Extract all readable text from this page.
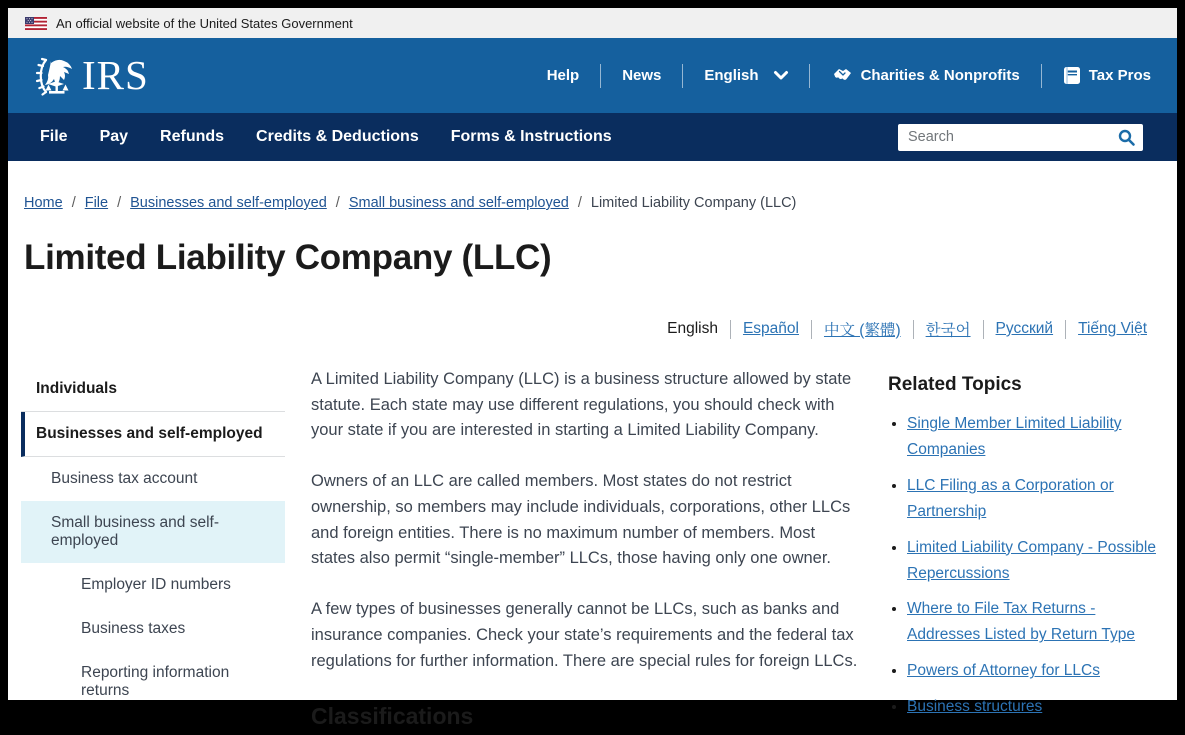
An official website of the United States Government
IRS	Help	News	English	Charities & Nonprofits	Tax Pros
File	Pay	Refunds	Credits & Deductions	Forms & Instructions
Search
Home / File / Businesses and self-employed / Small business and self-employed / Limited Liability Company (LLC)
Limited Liability Company (LLC)
English Español 中文 (繁體) 한국어 Русский Tiếng Việt
Individuals
Businesses and self-employed
Business tax account
Small business and self-employed
Employer ID numbers
Business taxes
Reporting information returns

A Limited Liability Company (LLC) is a business structure allowed by state statute. Each state may use different regulations, you should check with your state if you are interested in starting a Limited Liability Company.

Owners of an LLC are called members. Most states do not restrict ownership, so members may include individuals, corporations, other LLCs and foreign entities. There is no maximum number of members. Most states also permit “single-member” LLCs, those having only one owner.

A few types of businesses generally cannot be LLCs, such as banks and insurance companies. Check your state’s requirements and the federal tax regulations for further information. There are special rules for foreign LLCs.

Classifications
Related Topics
• Single Member Limited Liability Companies
• LLC Filing as a Corporation or Partnership
• Limited Liability Company - Possible Repercussions
• Where to File Tax Returns - Addresses Listed by Return Type
• Powers of Attorney for LLCs
• Business structures
